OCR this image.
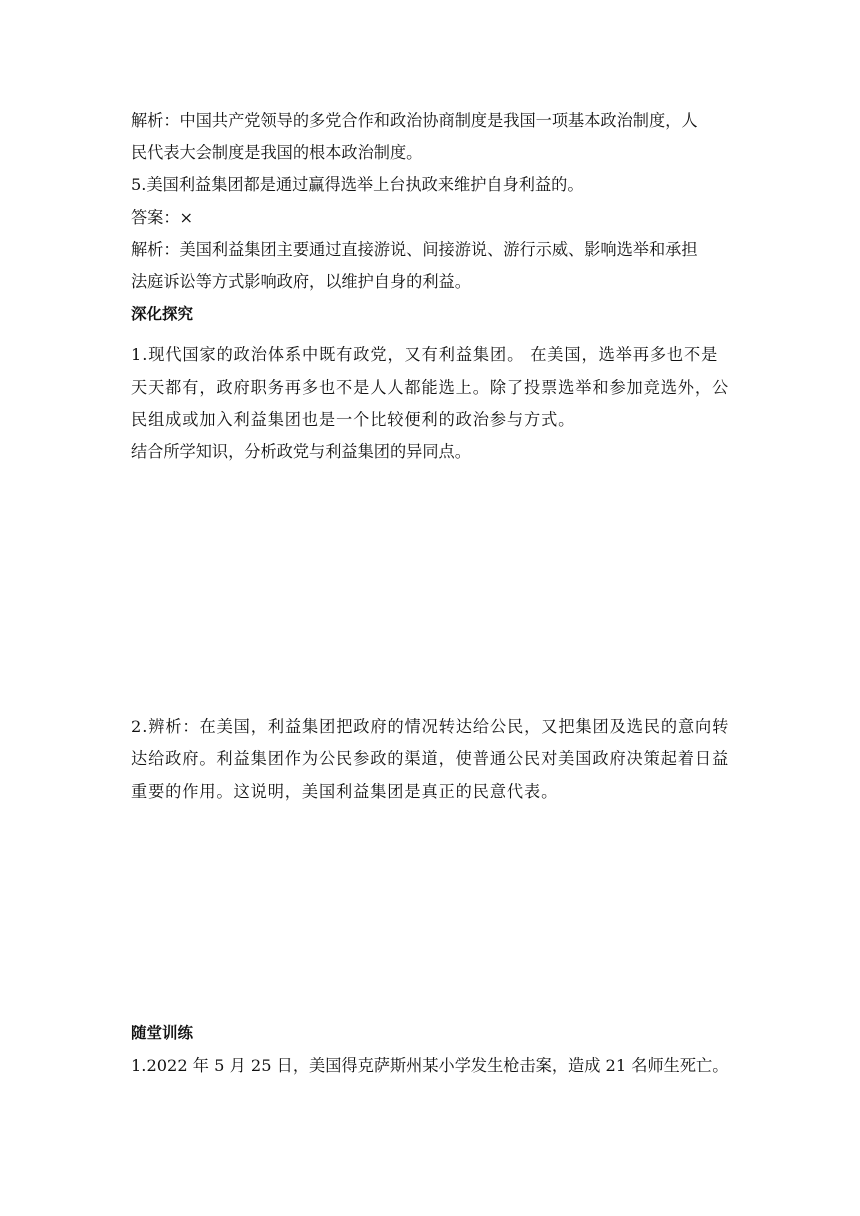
解析：中国共产党领导的多党合作和政治协商制度是我国一项基本政治制度，人
民代表大会制度是我国的根本政治制度。
5.美国利益集团都是通过赢得选举上台执政来维护自身利益的。
答案：×
解析：美国利益集团主要通过直接游说、间接游说、游行示威、影响选举和承担
法庭诉讼等方式影响政府，以维护自身的利益。
深化探究
1.现代国家的政治体系中既有政党，又有利益集团。 在美国，选举再多也不是
天天都有，政府职务再多也不是人人都能选上。除了投票选举和参加竞选外，公
民组成或加入利益集团也是一个比较便利的政治参与方式。
结合所学知识，分析政党与利益集团的异同点。
2.辨析：在美国，利益集团把政府的情况转达给公民，又把集团及选民的意向转
达给政府。利益集团作为公民参政的渠道，使普通公民对美国政府决策起着日益
重要的作用。这说明，美国利益集团是真正的民意代表。
随堂训练
1.2022 年 5 月 25 日，美国得克萨斯州某小学发生枪击案，造成 21 名师生死亡。
